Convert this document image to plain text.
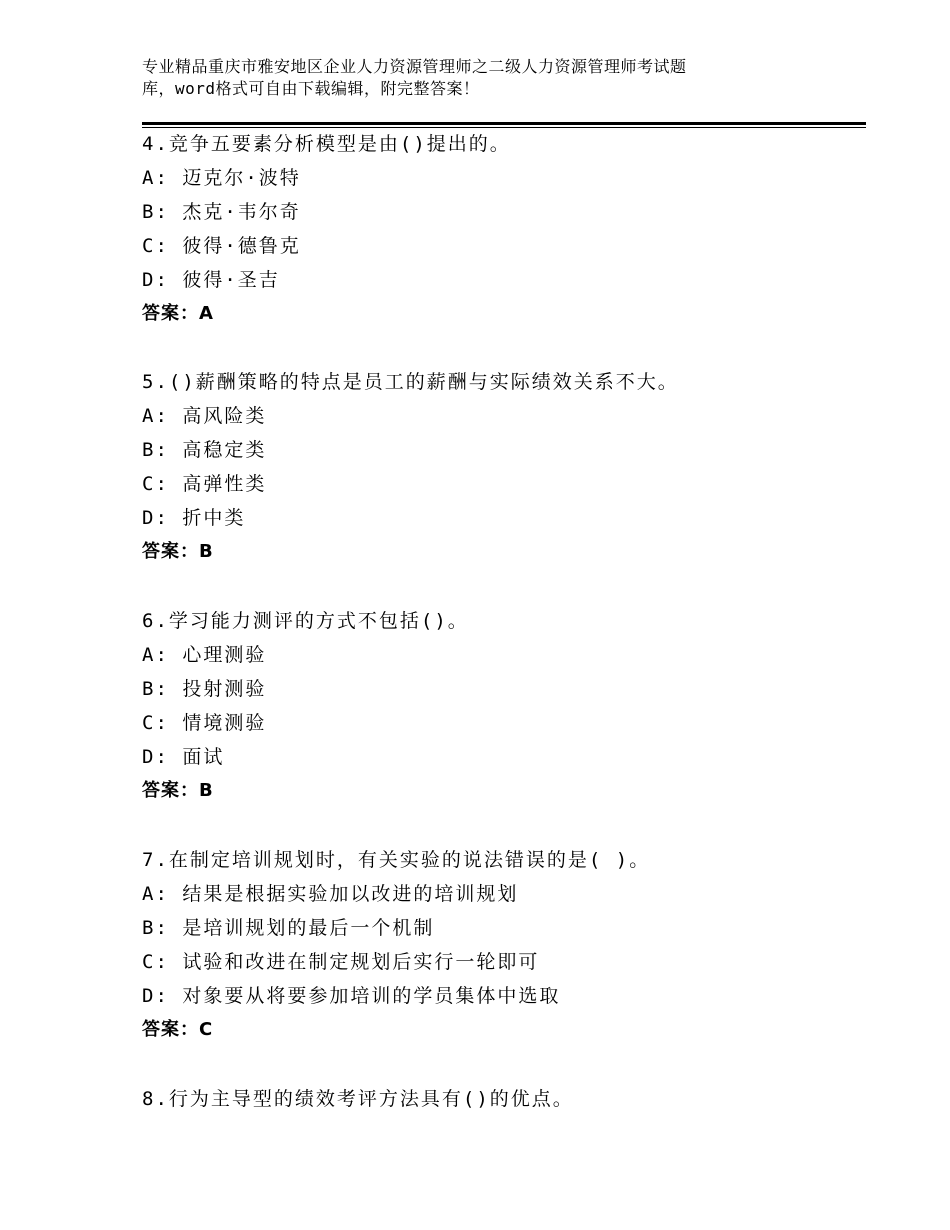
专业精品重庆市雅安地区企业人力资源管理师之二级人力资源管理师考试题
库，word格式可自由下载编辑，附完整答案！
4.竞争五要素分析模型是由()提出的。
A: 迈克尔·波特
B: 杰克·韦尔奇
C: 彼得·德鲁克
D: 彼得·圣吉
答案：A
5.()薪酬策略的特点是员工的薪酬与实际绩效关系不大。
A: 高风险类
B: 高稳定类
C: 高弹性类
D: 折中类
答案：B
6.学习能力测评的方式不包括()。
A: 心理测验
B: 投射测验
C: 情境测验
D: 面试
答案：B
7.在制定培训规划时，有关实验的说法错误的是( )。
A: 结果是根据实验加以改进的培训规划
B: 是培训规划的最后一个机制
C: 试验和改进在制定规划后实行一轮即可
D: 对象要从将要参加培训的学员集体中选取
答案：C
8.行为主导型的绩效考评方法具有()的优点。
